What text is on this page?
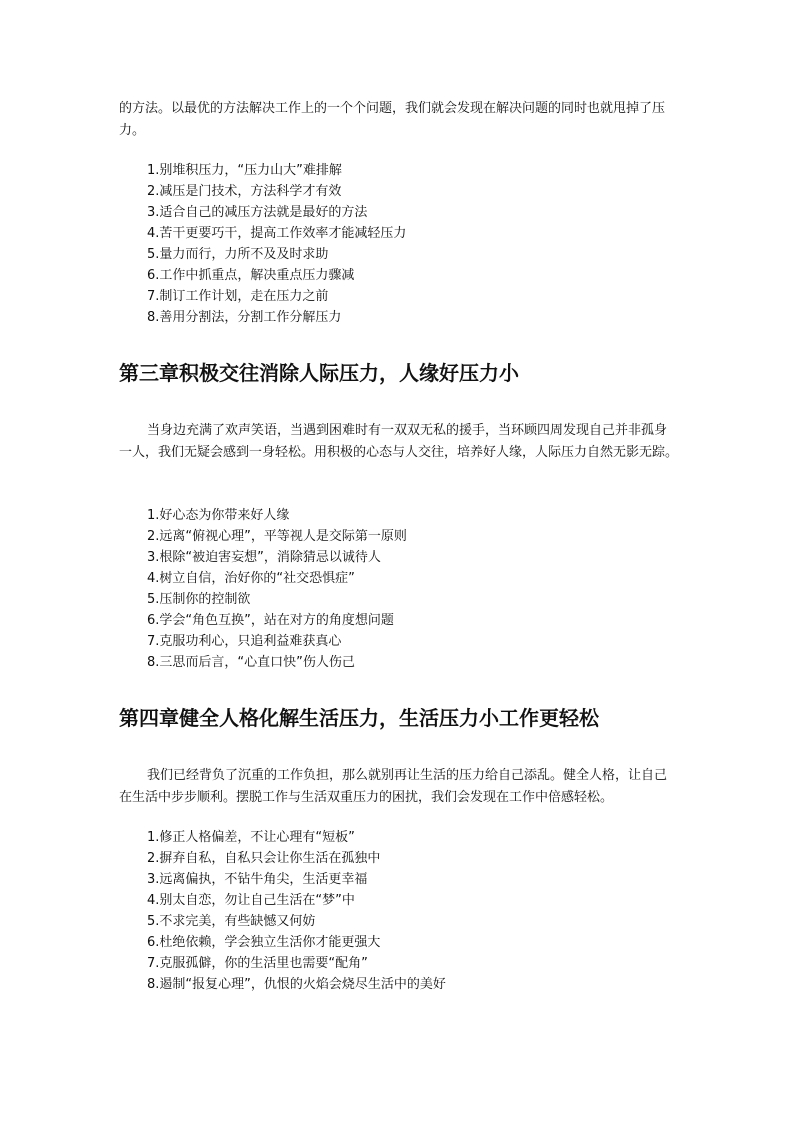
的方法。以最优的方法解决工作上的一个个问题，我们就会发现在解决问题的同时也就甩掉了压力。

1.别堆积压力，“压力山大”难排解
2.减压是门技术，方法科学才有效
3.适合自己的减压方法就是最好的方法
4.苦干更要巧干，提高工作效率才能减轻压力
5.量力而行，力所不及及时求助
6.工作中抓重点，解决重点压力骤减
7.制订工作计划，走在压力之前
8.善用分割法，分割工作分解压力
第三章积极交往消除人际压力，人缘好压力小

当身边充满了欢声笑语，当遇到困难时有一双双无私的援手，当环顾四周发现自己并非孤身一人，我们无疑会感到一身轻松。用积极的心态与人交往，培养好人缘，人际压力自然无影无踪。

1.好心态为你带来好人缘
2.远离“俯视心理”，平等视人是交际第一原则
3.根除“被迫害妄想”，消除猜忌以诚待人
4.树立自信，治好你的“社交恐惧症”
5.压制你的控制欲
6.学会“角色互换”，站在对方的角度想问题
7.克服功利心，只追利益难获真心
8.三思而后言，“心直口快”伤人伤己
第四章健全人格化解生活压力，生活压力小工作更轻松

我们已经背负了沉重的工作负担，那么就别再让生活的压力给自己添乱。健全人格，让自己在生活中步步顺利。摆脱工作与生活双重压力的困扰，我们会发现在工作中倍感轻松。

1.修正人格偏差，不让心理有“短板”
2.摒弃自私，自私只会让你生活在孤独中
3.远离偏执，不钻牛角尖，生活更幸福
4.别太自恋，勿让自己生活在“梦”中
5.不求完美，有些缺憾又何妨
6.杜绝依赖，学会独立生活你才能更强大
7.克服孤僻，你的生活里也需要“配角”
8.遏制“报复心理”，仇恨的火焰会烧尽生活中的美好
